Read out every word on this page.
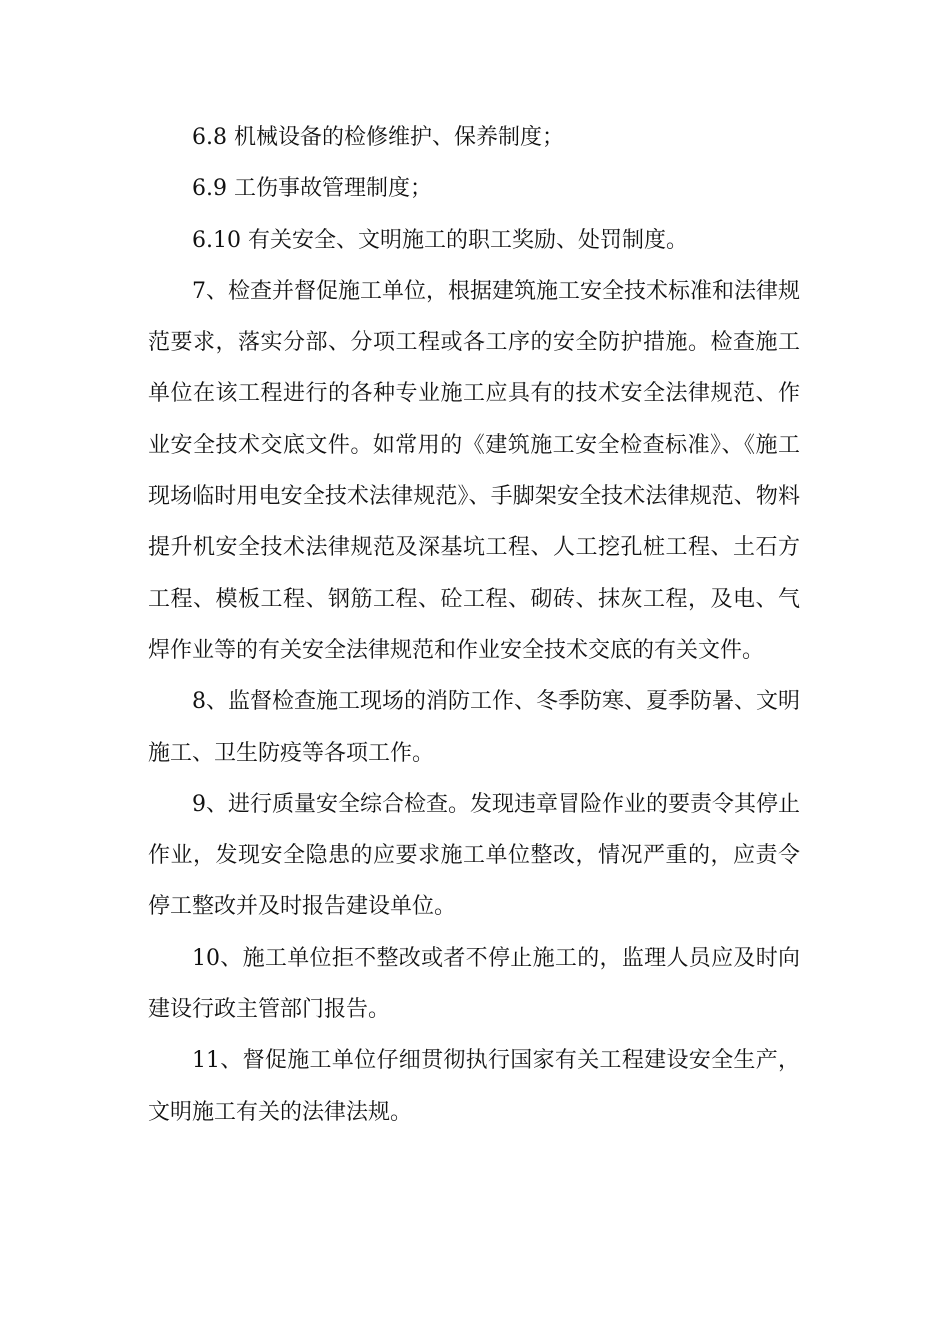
6.8 机械设备的检修维护、保养制度；

6.9 工伤事故管理制度；

6.10 有关安全、文明施工的职工奖励、处罚制度。

7、检查并督促施工单位，根据建筑施工安全技术标准和法律规范要求，落实分部、分项工程或各工序的安全防护措施。检查施工单位在该工程进行的各种专业施工应具有的技术安全法律规范、作业安全技术交底文件。如常用的《建筑施工安全检查标准》、《施工现场临时用电安全技术法律规范》、手脚架安全技术法律规范、物料提升机安全技术法律规范及深基坑工程、人工挖孔桩工程、土石方工程、模板工程、钢筋工程、砼工程、砌砖、抹灰工程，及电、气焊作业等的有关安全法律规范和作业安全技术交底的有关文件。

8、监督检查施工现场的消防工作、冬季防寒、夏季防暑、文明施工、卫生防疫等各项工作。

9、进行质量安全综合检查。发现违章冒险作业的要责令其停止作业，发现安全隐患的应要求施工单位整改，情况严重的，应责令停工整改并及时报告建设单位。

10、施工单位拒不整改或者不停止施工的，监理人员应及时向建设行政主管部门报告。

11、督促施工单位仔细贯彻执行国家有关工程建设安全生产，文明施工有关的法律法规。
